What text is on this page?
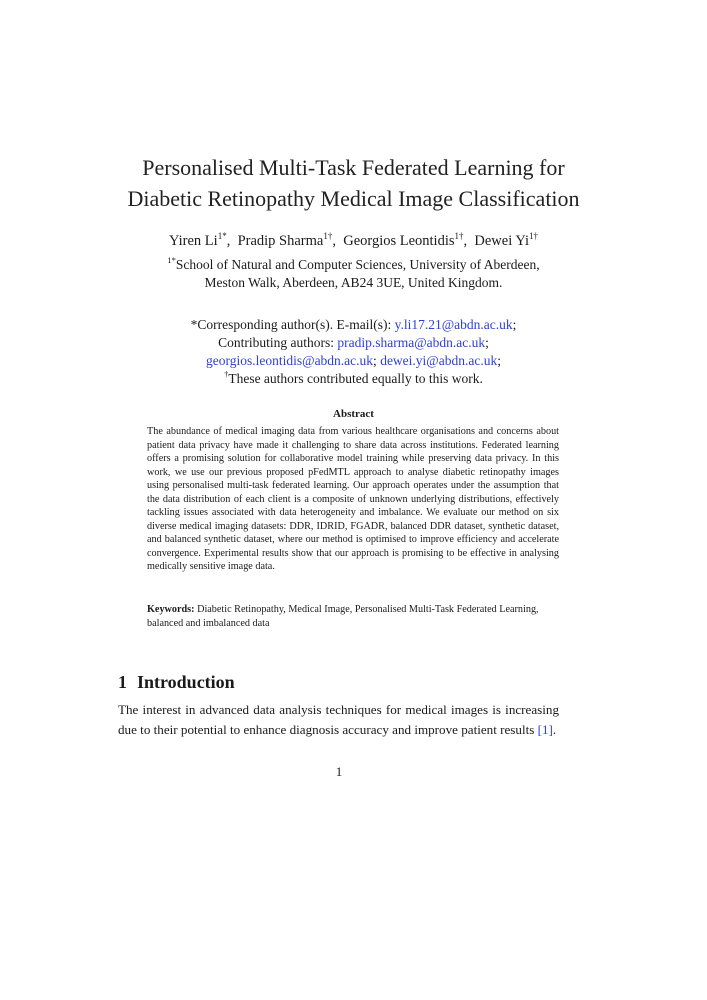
Personalised Multi-Task Federated Learning for
Diabetic Retinopathy Medical Image Classification
Yiren $Li^{1*}$,  Pradip Sharma$^{1\dagger}$,  Georgios Leontidis$^{1\dagger}$,  Dewei $Yi^{1\dagger}$
$^{1*}$School of Natural and Computer Sciences, University of Aberdeen,
Meston Walk, Aberdeen, AB24 3UE, United Kingdom.
*Corresponding author(s). E-mail(s): y.li17.21@abdn.ac.uk;
Contributing authors: pradip.sharma@abdn.ac.uk;
georgios.leontidis@abdn.ac.uk; dewei.yi@abdn.ac.uk;
†These authors contributed equally to this work.
Abstract
The abundance of medical imaging data from various healthcare organisations and concerns about patient data privacy have made it challenging to share data across institutions. Federated learning offers a promising solution for collaborative model training while preserving data privacy. In this work, we use our previous proposed pFedMTL approach to analyse diabetic retinopathy images using personalised multi-task federated learning. Our approach operates under the assumption that the data distribution of each client is a composite of unknown underlying distributions, effectively tackling issues associated with data heterogeneity and imbalance. We evaluate our method on six diverse medical imaging datasets: DDR, IDRID, FGADR, balanced DDR dataset, synthetic dataset, and balanced synthetic dataset, where our method is optimised to improve efficiency and accelerate convergence. Experimental results show that our approach is promising to be effective in analysing medically sensitive image data.
Keywords: Diabetic Retinopathy, Medical Image, Personalised Multi-Task Federated Learning, balanced and imbalanced data
1 Introduction
The interest in advanced data analysis techniques for medical images is increasing due to their potential to enhance diagnosis accuracy and improve patient results [1].
1
